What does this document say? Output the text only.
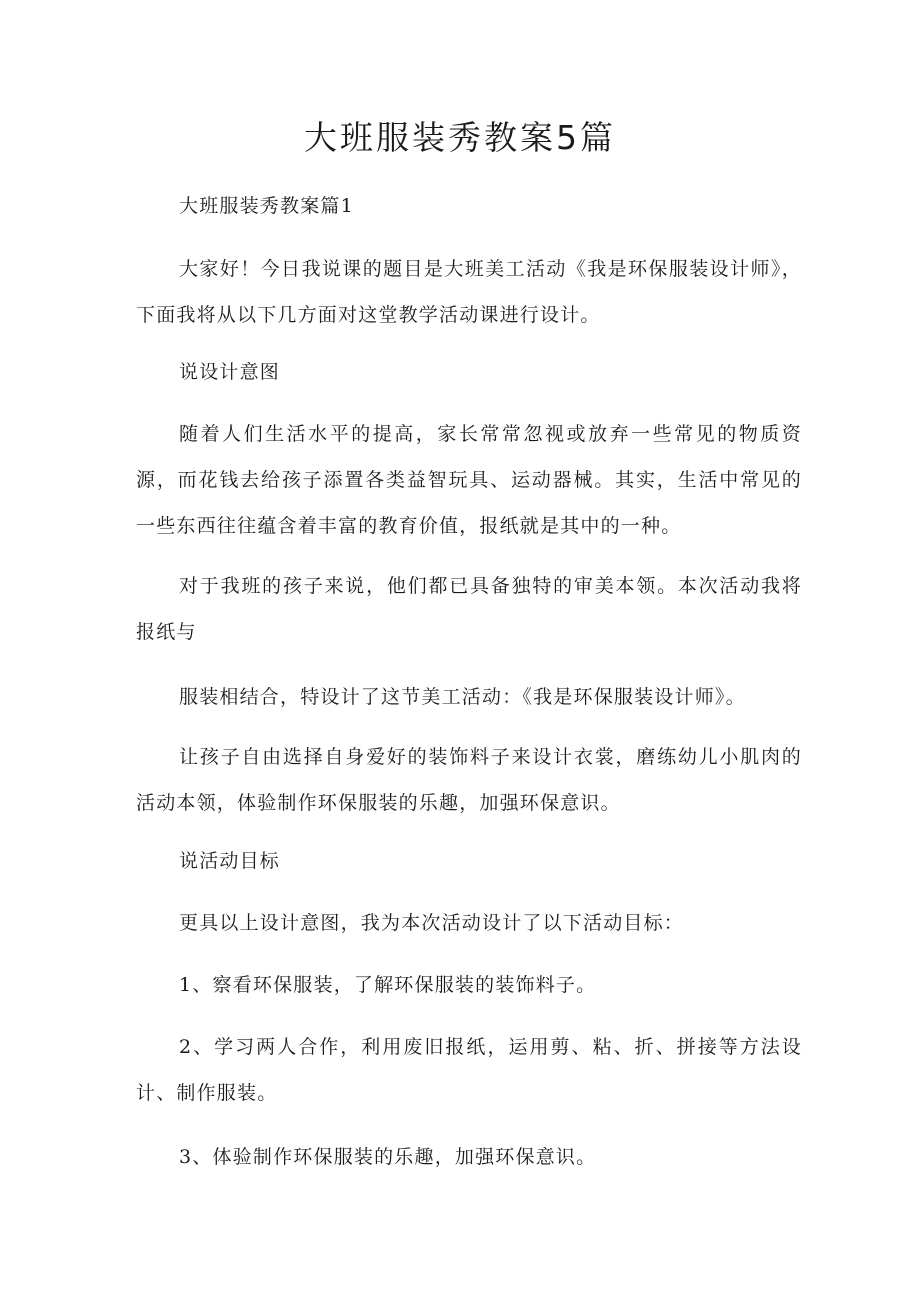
大班服装秀教案5篇

大班服装秀教案篇1

大家好！今日我说课的题目是大班美工活动《我是环保服装设计师》，下面我将从以下几方面对这堂教学活动课进行设计。

说设计意图

随着人们生活水平的提高，家长常常忽视或放弃一些常见的物质资源，而花钱去给孩子添置各类益智玩具、运动器械。其实，生活中常见的一些东西往往蕴含着丰富的教育价值，报纸就是其中的一种。

对于我班的孩子来说，他们都已具备独特的审美本领。本次活动我将报纸与

服装相结合，特设计了这节美工活动：《我是环保服装设计师》。

让孩子自由选择自身爱好的装饰料子来设计衣裳，磨练幼儿小肌肉的活动本领，体验制作环保服装的乐趣，加强环保意识。

说活动目标

更具以上设计意图，我为本次活动设计了以下活动目标：

1、察看环保服装，了解环保服装的装饰料子。

2、学习两人合作，利用废旧报纸，运用剪、粘、折、拼接等方法设计、制作服装。

3、体验制作环保服装的乐趣，加强环保意识。
